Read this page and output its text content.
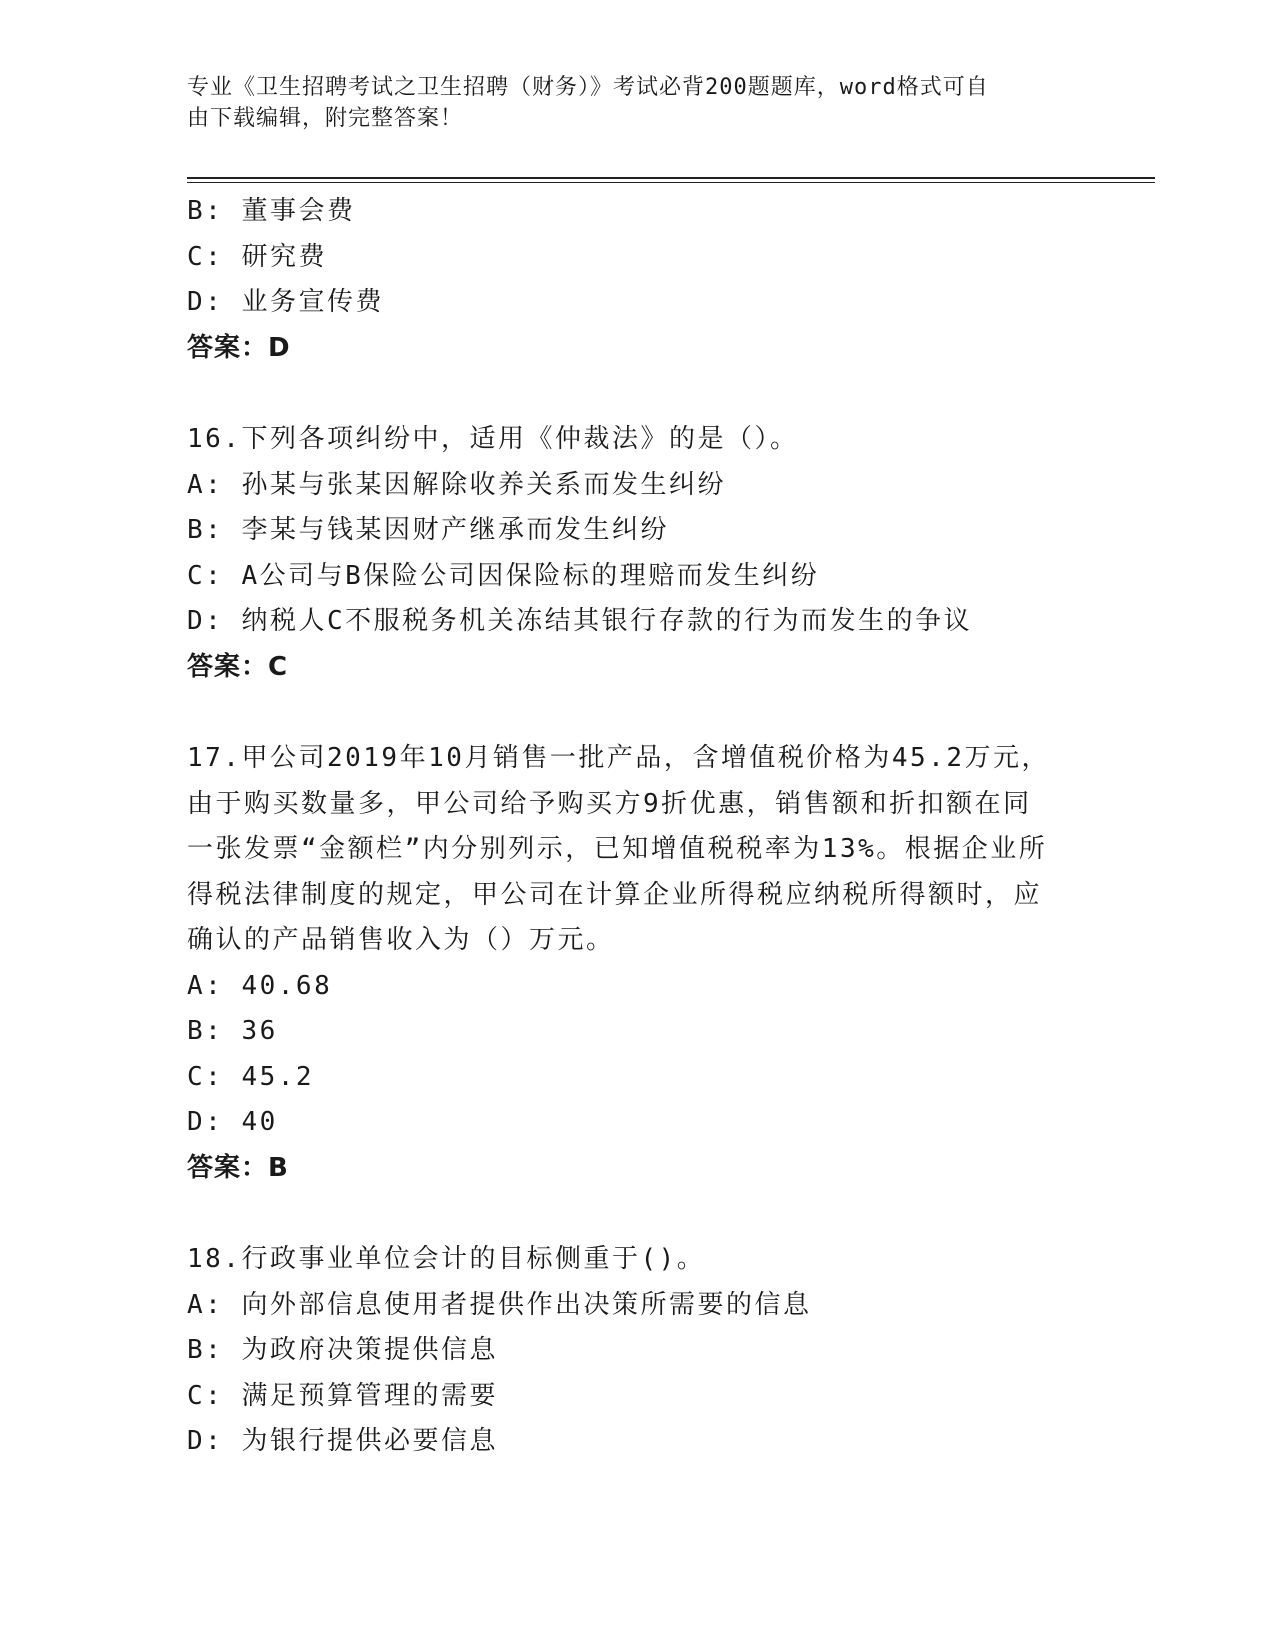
专业《卫生招聘考试之卫生招聘（财务）》考试必背200题题库，word格式可自
由下载编辑，附完整答案！
B: 董事会费
C: 研究费
D: 业务宣传费
答案：D
16.下列各项纠纷中，适用《仲裁法》的是（）。
A: 孙某与张某因解除收养关系而发生纠纷
B: 李某与钱某因财产继承而发生纠纷
C: A公司与B保险公司因保险标的理赔而发生纠纷
D: 纳税人C不服税务机关冻结其银行存款的行为而发生的争议
答案：C
17.甲公司2019年10月销售一批产品，含增值税价格为45.2万元，
由于购买数量多，甲公司给予购买方9折优惠，销售额和折扣额在同
一张发票“金额栏”内分别列示，已知增值税税率为13%。根据企业所
得税法律制度的规定，甲公司在计算企业所得税应纳税所得额时，应
确认的产品销售收入为（）万元。
A: 40.68
B: 36
C: 45.2
D: 40
答案：B
18.行政事业单位会计的目标侧重于()。
A: 向外部信息使用者提供作出决策所需要的信息
B: 为政府决策提供信息
C: 满足预算管理的需要
D: 为银行提供必要信息
